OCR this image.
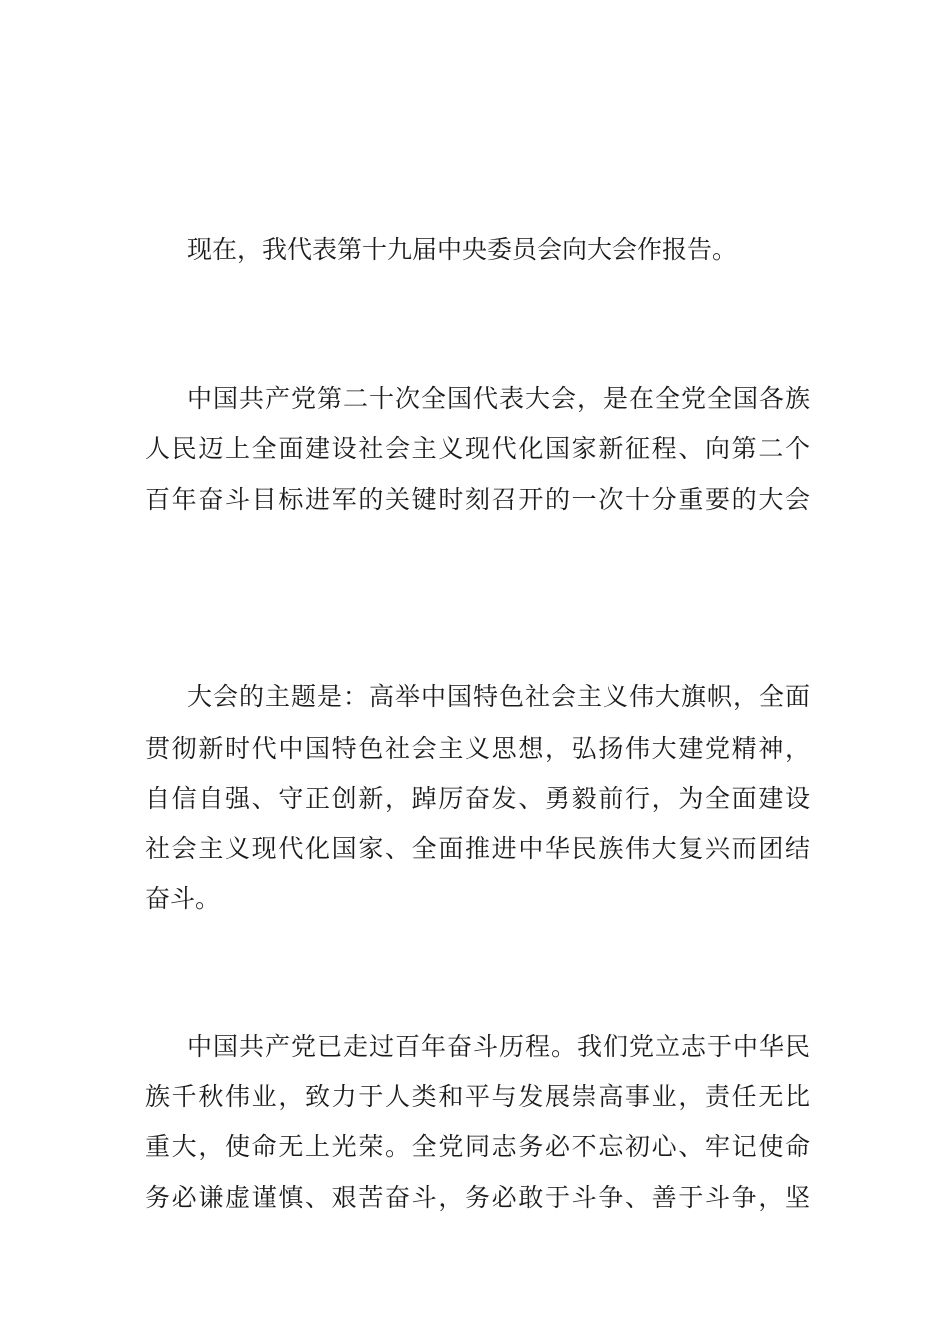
现在，我代表第十九届中央委员会向大会作报告。
中国共产党第二十次全国代表大会，是在全党全国各族
人民迈上全面建设社会主义现代化国家新征程、向第二个
百年奋斗目标进军的关键时刻召开的一次十分重要的大会
大会的主题是：高举中国特色社会主义伟大旗帜，全面
贯彻新时代中国特色社会主义思想，弘扬伟大建党精神，
自信自强、守正创新，踔厉奋发、勇毅前行，为全面建设
社会主义现代化国家、全面推进中华民族伟大复兴而团结
奋斗。
中国共产党已走过百年奋斗历程。我们党立志于中华民
族千秋伟业，致力于人类和平与发展崇高事业，责任无比
重大，使命无上光荣。全党同志务必不忘初心、牢记使命
务必谦虚谨慎、艰苦奋斗，务必敢于斗争、善于斗争，坚
